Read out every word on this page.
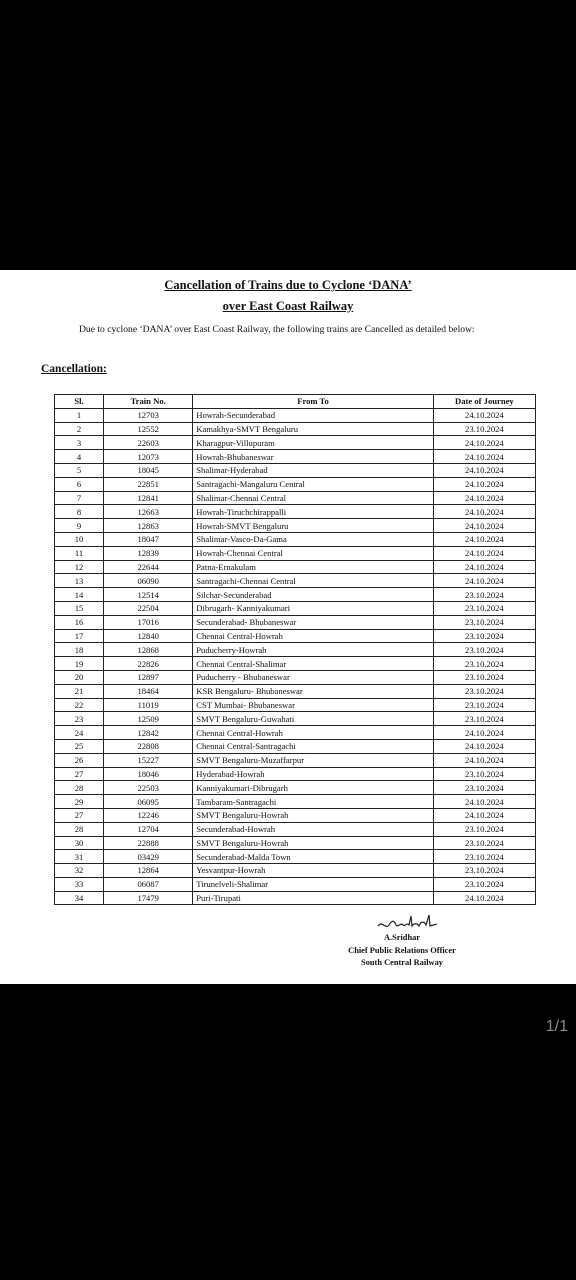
Cancellation of Trains due to Cyclone ‘DANA’
over East Coast Railway
Due to cyclone ‘DANA’ over East Coast Railway, the following trains are Cancelled as detailed below:
Cancellation:
Sl.	Train No.	From To	Date of Journey
1	12703	Howrah-Secunderabad	24.10.2024
2	12552	Kamakhya-SMVT Bengaluru	23.10.2024
3	22603	Kharagpur-Villupuram	24.10.2024
4	12073	Howrah-Bhubaneswar	24.10.2024
5	18045	Shalimar-Hyderabad	24.10.2024
6	22851	Santragachi-Mangaluru Central	24.10.2024
7	12841	Shalimar-Chennai Central	24.10.2024
8	12663	Howrah-Tiruchchirappalli	24.10.2024
9	12863	Howrah-SMVT Bengaluru	24.10.2024
10	18047	Shalimar-Vasco-Da-Gama	24.10.2024
11	12839	Howrah-Chennai Central	24.10.2024
12	22644	Patna-Ernakulam	24.10.2024
13	06090	Santragachi-Chennai Central	24.10.2024
14	12514	Silchar-Secunderabad	23.10.2024
15	22504	Dibrugarh- Kanniyakumari	23.10.2024
16	17016	Secunderabad- Bhubaneswar	23.10.2024
17	12840	Chennai Central-Howrah	23.10.2024
18	12868	Puducherry-Howrah	23.10.2024
19	22826	Chennai Central-Shalimar	23.10.2024
20	12897	Puducherry - Bhubaneswar	23.10.2024
21	18464	KSR Bengaluru- Bhubaneswar	23.10.2024
22	11019	CST Mumbai- Bhubaneswar	23.10.2024
23	12509	SMVT Bengaluru-Guwahati	23.10.2024
24	12842	Chennai Central-Howrah	24.10.2024
25	22808	Chennai Central-Santragachi	24.10.2024
26	15227	SMVT Bengaluru-Muzaffarpur	24.10.2024
27	18046	Hyderabad-Howrah	23.10.2024
28	22503	Kanniyakumari-Dibrugarh	23.10.2024
29	06095	Tambaram-Santragachi	24.10.2024
27	12246	SMVT Bengaluru-Howrah	24.10.2024
28	12704	Secunderabad-Howrah	23.10.2024
30	22888	SMVT Bengaluru-Howrah	23.10.2024
31	03429	Secunderabad-Malda Town	23.10.2024
32	12864	Yesvantpur-Howrah	23.10.2024
33	06087	Tirunelveli-Shalimar	23.10.2024
34	17479	Puri-Tirupati	24.10.2024
A.Sridhar
Chief Public Relations Officer
South Central Railway
1/1
